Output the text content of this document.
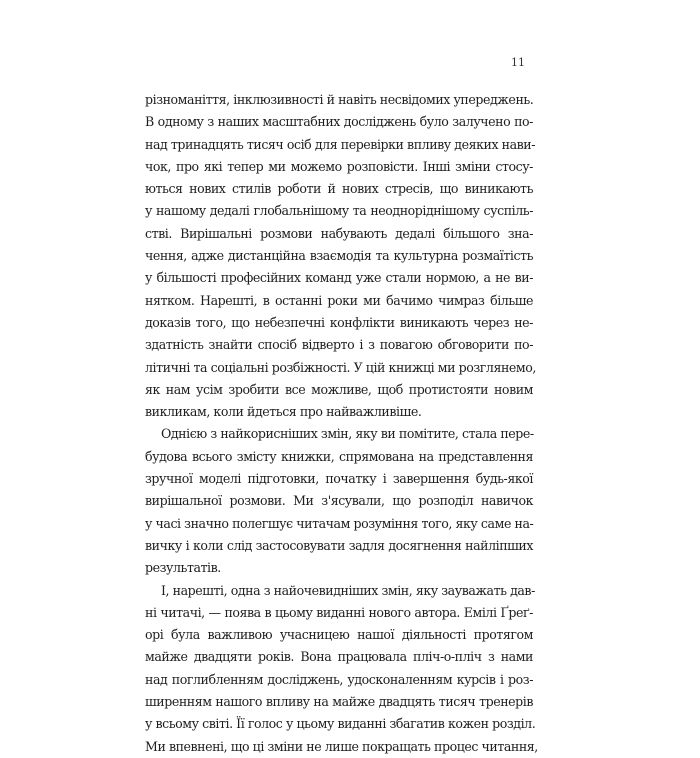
11
різноманіття, інклюзивності й навіть несвідомих упереджень.
В одному з наших масштабних досліджень було залучено по-
над тринадцять тисяч осіб для перевірки впливу деяких нави-
чок, про які тепер ми можемо розповісти. Інші зміни стосу-
ються нових стилів роботи й нових стресів, що виникають
у нашому дедалі глобальнішому та неоднорiднішому суспіль-
стві. Вирішальні розмови набувають дедалі більшого зна-
чення, адже дистанційна взаємодія та культурна розмаїтість
у більшості професійних команд уже стали нормою, а не ви-
нятком. Нарешті, в останні роки ми бачимо чимраз більше
доказів того, що небезпечні конфлікти виникають через не-
здатність знайти спосіб відверто і з повагою обговорити по-
літичні та соціальні розбіжності. У цій книжці ми розглянемо,
як нам усім зробити все можливе, щоб протистояти новим
викликам, коли йдеться про найважливіше.
Однією з найкорисніших змін, яку ви помітите, стала пере-
будова всього змісту книжки, спрямована на представлення
зручної моделі підготовки, початку і завершення будь-якої
вирішальної розмови. Ми з'ясували, що розподіл навичок
у часі значно полегшує читачам розуміння того, яку саме на-
вичку і коли слід застосовувати задля досягнення найліпших
результатів.
І, нарешті, одна з найочевидніших змін, яку зауважать дав-
ні читачі, — поява в цьому виданні нового автора. Емілі Ґреґ-
орі була важливою учасницею нашої діяльності протягом
майже двадцяти років. Вона працювала пліч-о-пліч з нами
над поглибленням досліджень, удосконаленням курсів і роз-
ширенням нашого впливу на майже двадцять тисяч тренерів
у всьому світі. Її голос у цьому виданні збагатив кожен розділ.
Ми впевнені, що ці зміни не лише покращать процес читання,
